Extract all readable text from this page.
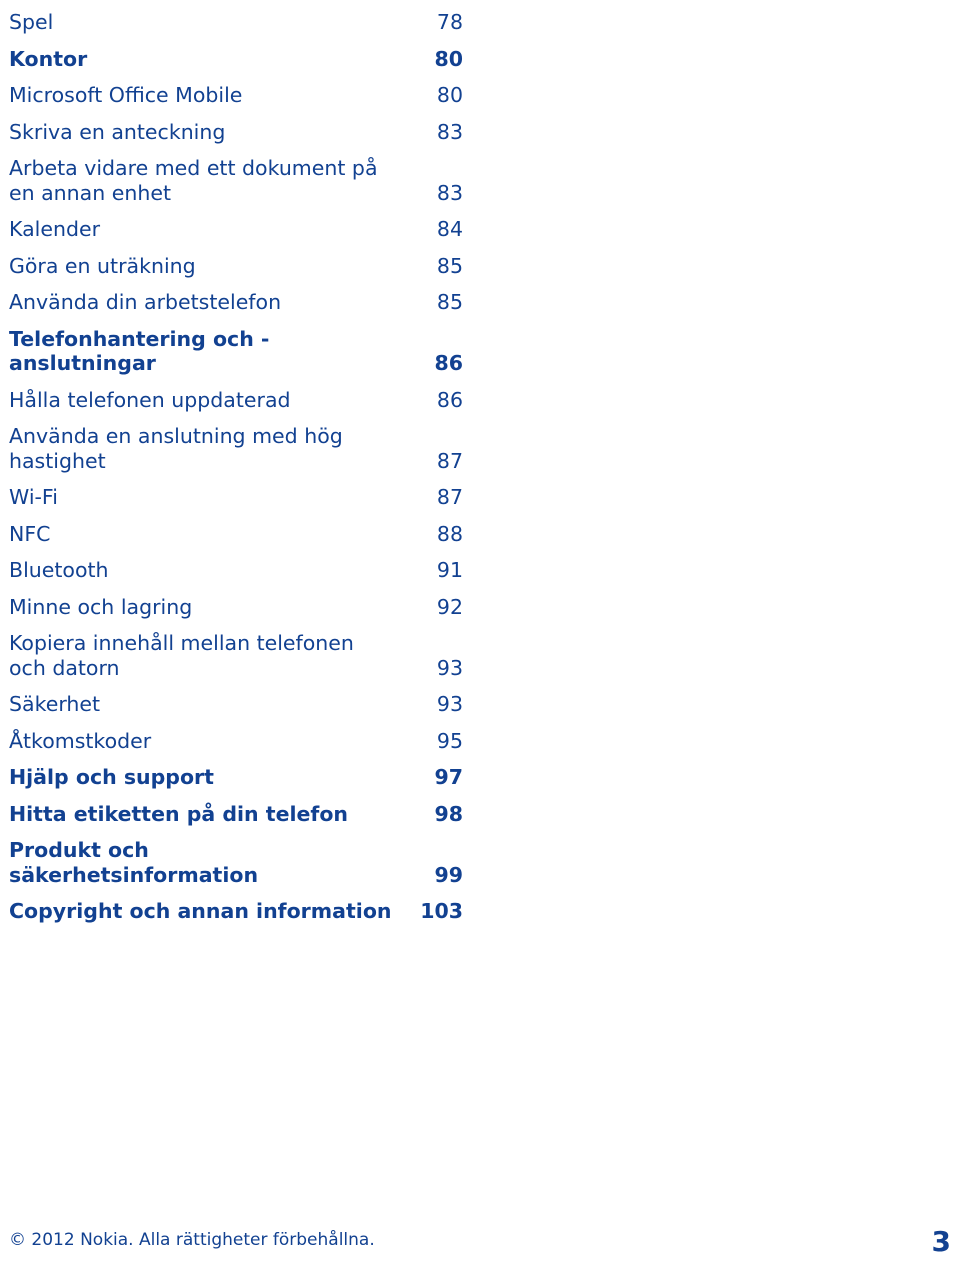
Spel	78
Kontor	80
Microsoft Office Mobile	80
Skriva en anteckning	83
Arbeta vidare med ett dokument på en annan enhet	83
Kalender	84
Göra en uträkning	85
Använda din arbetstelefon	85
Telefonhantering och -anslutningar	86
Hålla telefonen uppdaterad	86
Använda en anslutning med hög hastighet	87
Wi-Fi	87
NFC	88
Bluetooth	91
Minne och lagring	92
Kopiera innehåll mellan telefonen och datorn	93
Säkerhet	93
Åtkomstkoder	95
Hjälp och support	97
Hitta etiketten på din telefon	98
Produkt och säkerhetsinformation	99
Copyright och annan information	103
© 2012 Nokia. Alla rättigheter förbehållna.	3
